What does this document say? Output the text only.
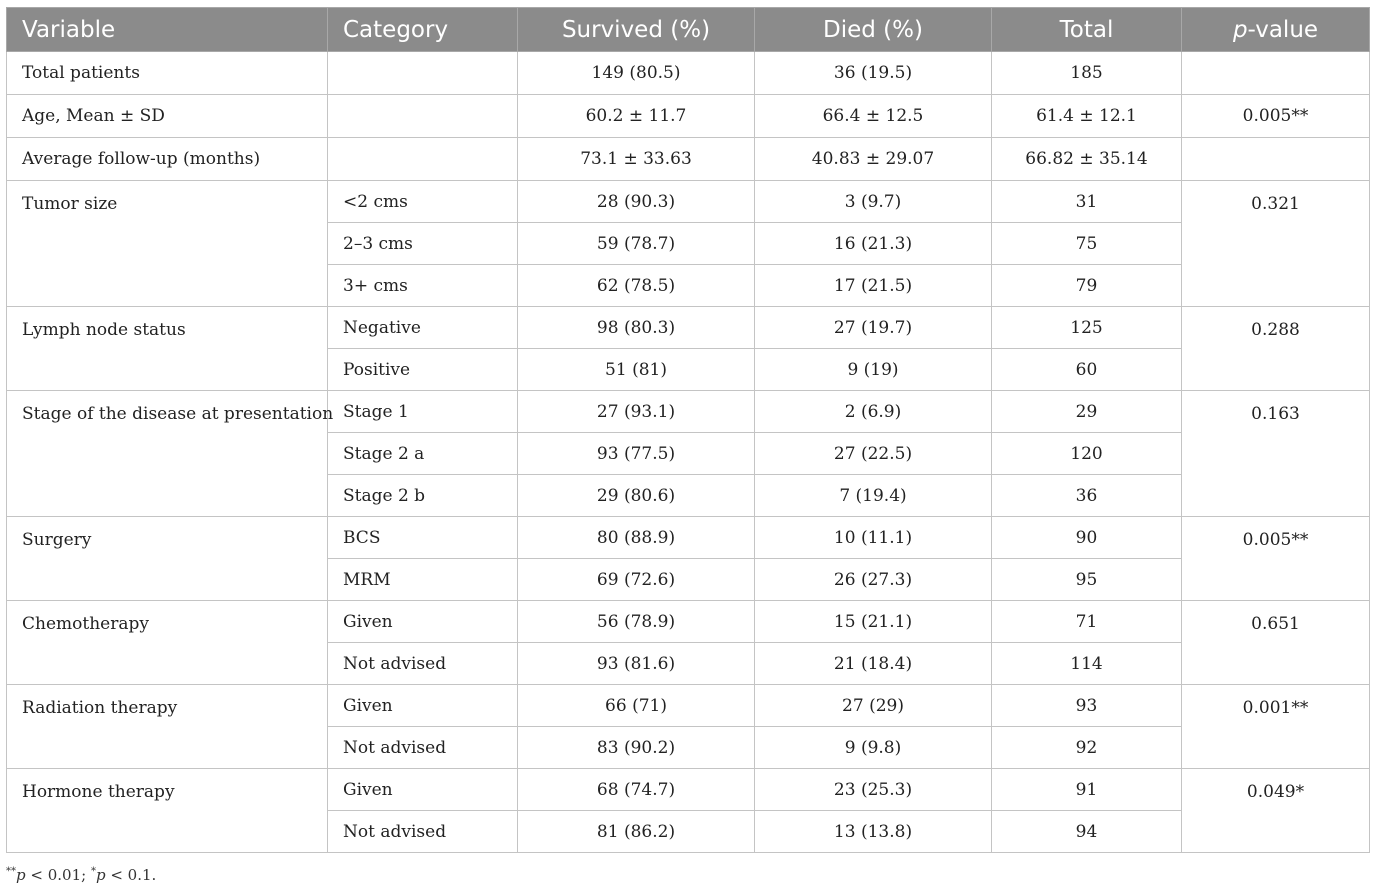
Variable	Category	Survived (%)	Died (%)	Total	p-value
Total patients		149 (80.5)	36 (19.5)	185	
Age, Mean ± SD		60.2 ± 11.7	66.4 ± 12.5	61.4 ± 12.1	0.005**
Average follow-up (months)		73.1 ± 33.63	40.83 ± 29.07	66.82 ± 35.14	
Tumor size	<2 cms	28 (90.3)	3 (9.7)	31	0.321
	2–3 cms	59 (78.7)	16 (21.3)	75	
	3+ cms	62 (78.5)	17 (21.5)	79	
Lymph node status	Negative	98 (80.3)	27 (19.7)	125	0.288
	Positive	51 (81)	9 (19)	60	
Stage of the disease at presentation	Stage 1	27 (93.1)	2 (6.9)	29	0.163
	Stage 2 a	93 (77.5)	27 (22.5)	120	
	Stage 2 b	29 (80.6)	7 (19.4)	36	
Surgery	BCS	80 (88.9)	10 (11.1)	90	0.005**
	MRM	69 (72.6)	26 (27.3)	95	
Chemotherapy	Given	56 (78.9)	15 (21.1)	71	0.651
	Not advised	93 (81.6)	21 (18.4)	114	
Radiation therapy	Given	66 (71)	27 (29)	93	0.001**
	Not advised	83 (90.2)	9 (9.8)	92	
Hormone therapy	Given	68 (74.7)	23 (25.3)	91	0.049*
	Not advised	81 (86.2)	13 (13.8)	94	
**p < 0.01; *p < 0.1.
